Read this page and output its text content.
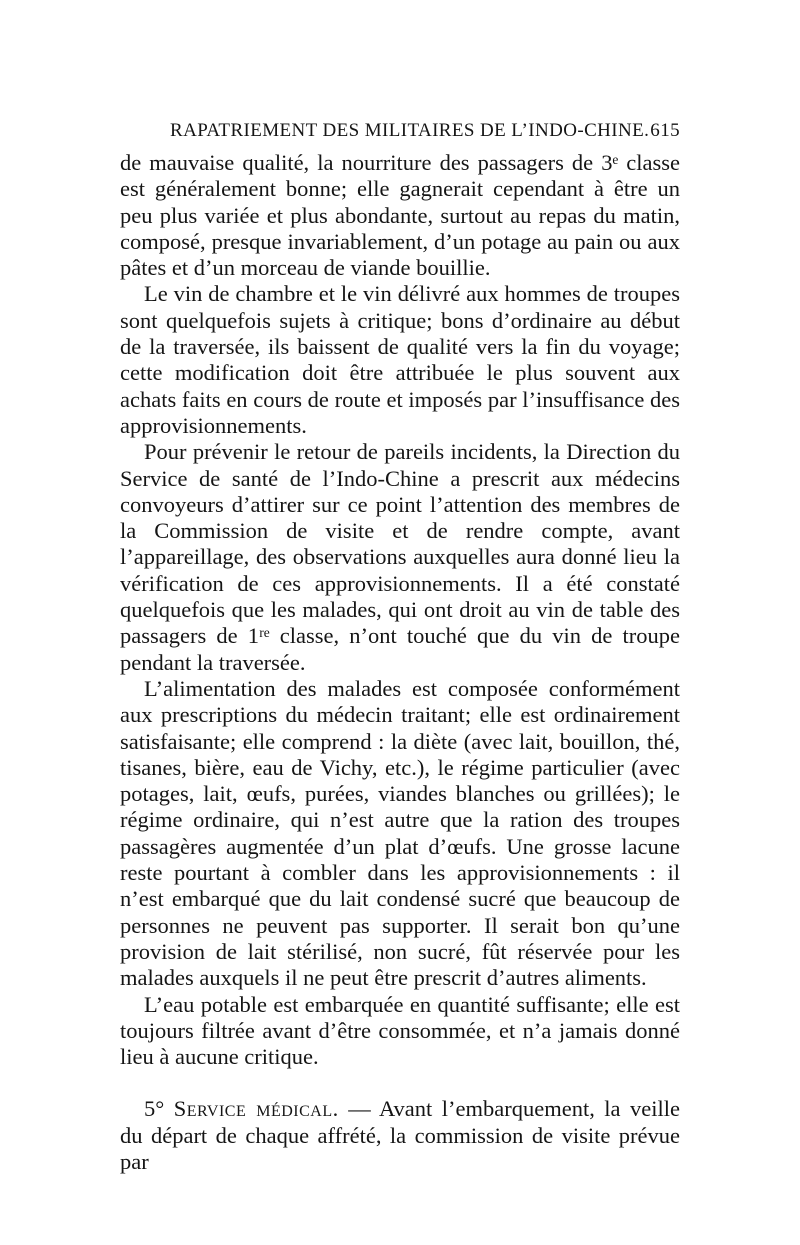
RAPATRIEMENT DES MILITAIRES DE L’INDO-CHINE. 615

de mauvaise qualité, la nourriture des passagers de 3ᵉ classe est généralement bonne; elle gagnerait cependant à être un peu plus variée et plus abondante, surtout au repas du matin, composé, presque invariablement, d’un potage au pain ou aux pâtes et d’un morceau de viande bouillie.

Le vin de chambre et le vin délivré aux hommes de troupes sont quelquefois sujets à critique; bons d’ordinaire au début de la traversée, ils baissent de qualité vers la fin du voyage; cette modification doit être attribuée le plus souvent aux achats faits en cours de route et imposés par l’insuffisance des approvisionnements.

Pour prévenir le retour de pareils incidents, la Direction du Service de santé de l’Indo-Chine a prescrit aux médecins convoyeurs d’attirer sur ce point l’attention des membres de la Commission de visite et de rendre compte, avant l’appareillage, des observations auxquelles aura donné lieu la vérification de ces approvisionnements. Il a été constaté quelquefois que les malades, qui ont droit au vin de table des passagers de 1ʳᵉ classe, n’ont touché que du vin de troupe pendant la traversée.

L’alimentation des malades est composée conformément aux prescriptions du médecin traitant; elle est ordinairement satisfaisante; elle comprend : la diète (avec lait, bouillon, thé, tisanes, bière, eau de Vichy, etc.), le régime particulier (avec potages, lait, œufs, purées, viandes blanches ou grillées); le régime ordinaire, qui n’est autre que la ration des troupes passagères augmentée d’un plat d’œufs. Une grosse lacune reste pourtant à combler dans les approvisionnements : il n’est embarqué que du lait condensé sucré que beaucoup de personnes ne peuvent pas supporter. Il serait bon qu’une provision de lait stérilisé, non sucré, fût réservée pour les malades auxquels il ne peut être prescrit d’autres aliments.

L’eau potable est embarquée en quantité suffisante; elle est toujours filtrée avant d’être consommée, et n’a jamais donné lieu à aucune critique.

5° Service médical. — Avant l’embarquement, la veille du départ de chaque affrété, la commission de visite prévue par
